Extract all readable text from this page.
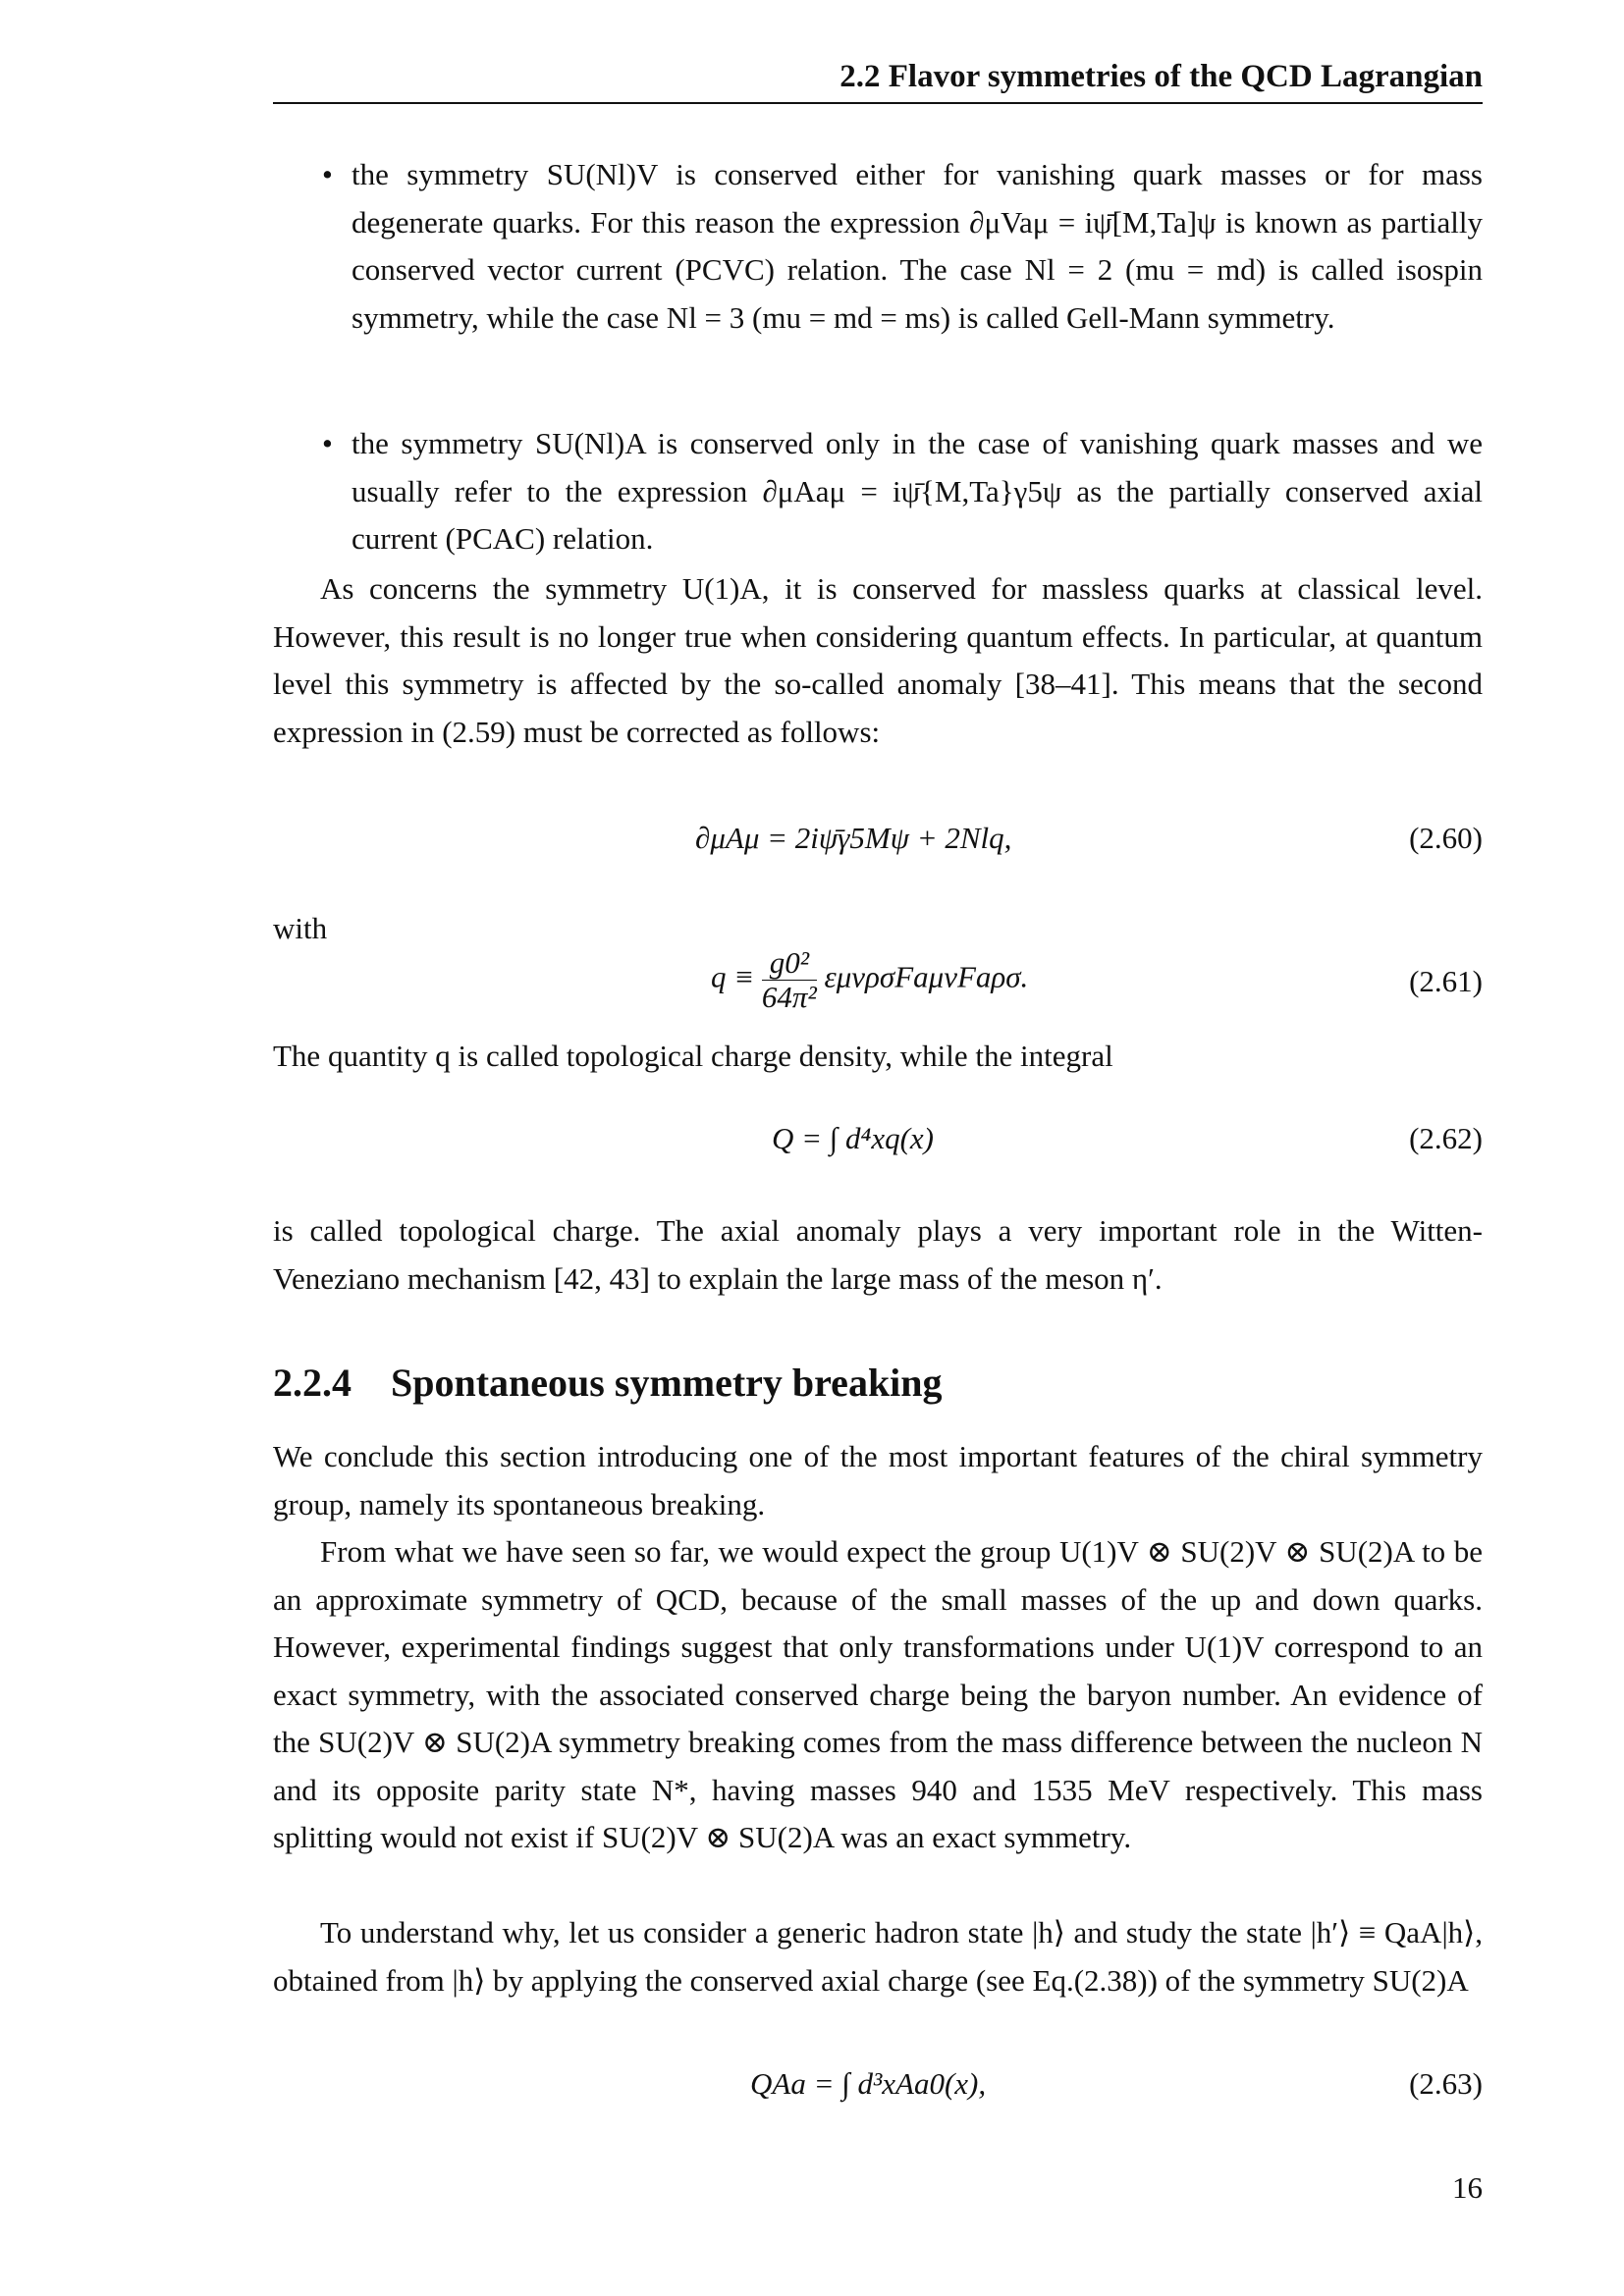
2.2 Flavor symmetries of the QCD Lagrangian
• the symmetry SU(Nl)V is conserved either for vanishing quark masses or for mass degenerate quarks. For this reason the expression ∂μVaμ = iψ̄[M,Ta]ψ is known as partially conserved vector current (PCVC) relation. The case Nl = 2 (mu = md) is called isospin symmetry, while the case Nl = 3 (mu = md = ms) is called Gell-Mann symmetry.
• the symmetry SU(Nl)A is conserved only in the case of vanishing quark masses and we usually refer to the expression ∂μAaμ = iψ̄{M,Ta}γ5ψ as the partially conserved axial current (PCAC) relation.

As concerns the symmetry U(1)A, it is conserved for massless quarks at classical level. However, this result is no longer true when considering quantum effects. In particular, at quantum level this symmetry is affected by the so-called anomaly [38–41]. This means that the second expression in (2.59) must be corrected as follows:

∂μAμ = 2iψ̄γ5Mψ + 2Nlq,	(2.60)

with

$q \equiv \frac{\text{g0²}}{\text{64π²}} \varepsilon\mu\nu\rho\sigma Fa\mu\nu Fa\rho\sigma$.	(2.61)

The quantity q is called topological charge density, while the integral

Q = ∫ d⁴xq(x)	(2.62)

is called topological charge. The axial anomaly plays a very important role in the Witten-Veneziano mechanism [42, 43] to explain the large mass of the meson η′.

2.2.4 Spontaneous symmetry breaking

We conclude this section introducing one of the most important features of the chiral symmetry group, namely its spontaneous breaking.

From what we have seen so far, we would expect the group U(1)V ⊗ SU(2)V ⊗ SU(2)A to be an approximate symmetry of QCD, because of the small masses of the up and down quarks. However, experimental findings suggest that only transformations under U(1)V correspond to an exact symmetry, with the associated conserved charge being the baryon number. An evidence of the SU(2)V ⊗ SU(2)A symmetry breaking comes from the mass difference between the nucleon N and its opposite parity state N*, having masses 940 and 1535 MeV respectively. This mass splitting would not exist if SU(2)V ⊗ SU(2)A was an exact symmetry.

To understand why, let us consider a generic hadron state |h⟩ and study the state |h′⟩ ≡ QaA|h⟩, obtained from |h⟩ by applying the conserved axial charge (see Eq.(2.38)) of the symmetry SU(2)A

QAa = ∫ d³xAa0(x),	(2.63)
16
